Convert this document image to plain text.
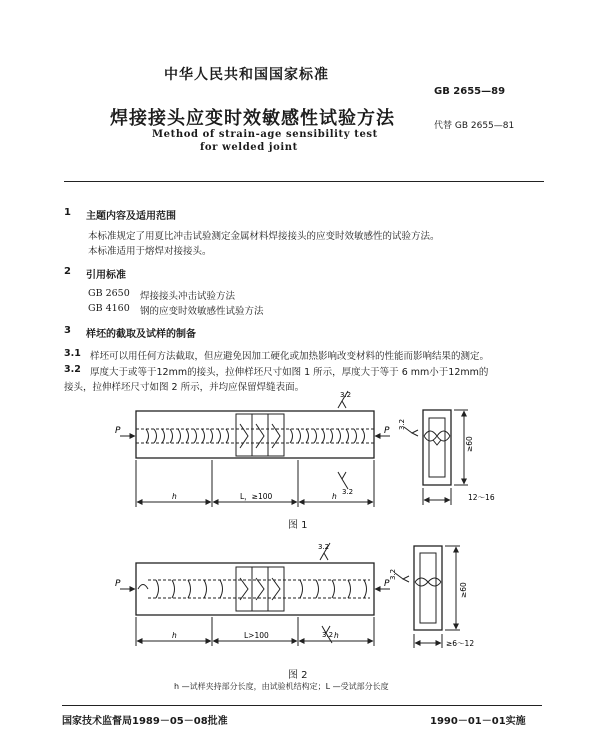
中华人民共和国国家标准
GB 2655—89
焊接接头应变时效敏感性试验方法	代替 GB 2655—81
Method of strain-age sensibility test
for welded joint
1 主题内容及适用范围
本标准规定了用夏比冲击试验测定金属材料焊接接头的应变时效敏感性的试验方法。
本标准适用于熔焊对接接头。
2 引用标准
GB 2650 焊接接头冲击试验方法
GB 4160 钢的应变时效敏感性试验方法
3 样坯的截取及试样的制备
3.1 样坯可以用任何方法截取，但应避免因加工硬化或加热影响改变材料的性能而影响结果的测定。
3.2 厚度大于或等于12mm的接头，拉伸样坯尺寸如图 1 所示，厚度大于等于 6 mm小于12mm的
接头，拉伸样坯尺寸如图 2 所示，并均应保留焊缝表面。
P	P
3.2
3.2
h	L，≥100	h	12～16
≥60
3.2
P	P
3.2
3.2
h	L>100	h
≥6～12
≥60
3.2
图 1
图 2
h —试样夹持部分长度，由试验机结构定；L —受试部分长度
国家技术监督局1989－05－08批准	1990－01－01实施
